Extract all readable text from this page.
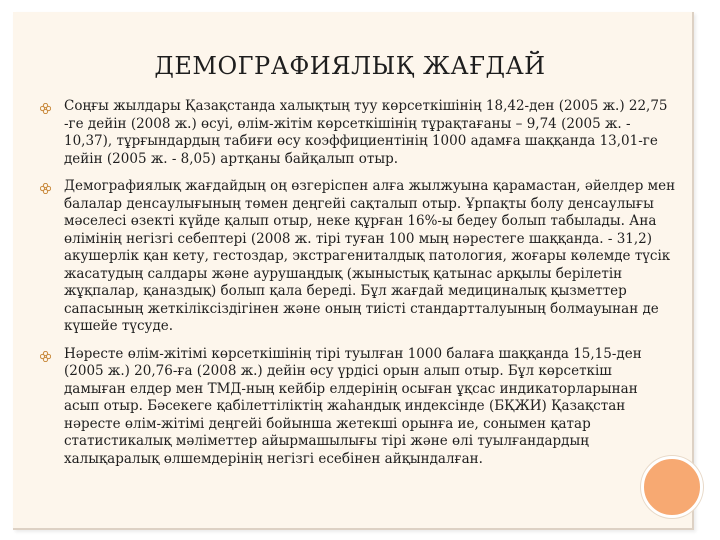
ДЕМОГРАФИЯЛЫҚ ЖАҒДАЙ

Соңғы жылдары Қазақстанда халықтың туу көрсеткішінің 18,42-ден (2005 ж.) 22,75 -ге дейін (2008 ж.) өсуі, өлім-жітім көрсеткішінің тұрақтағаны – 9,74 (2005 ж. - 10,37), тұрғындардың табиғи өсу коэффициентінің 1000 адамға шаққанда 13,01-ге дейін (2005 ж. - 8,05) артқаны байқалып отыр.

Демографиялық жағдайдың оң өзгеріспен алға жылжуына қарамастан, әйелдер мен балалар денсаулығының төмен деңгейі сақталып отыр. Ұрпақты болу денсаулығы мәселесі өзекті күйде қалып отыр, неке құрған 16%-ы бедеу болып табылады. Ана өлімінің негізгі себептері (2008 ж. тірі туған 100 мың нәрестеге шаққанда. - 31,2) акушерлік қан кету, гестоздар, экстрагениталдық патология, жоғары көлемде түсік жасатудың салдары және аурушаңдық (жыныстық қатынас арқылы берілетін жұқпалар, қаназдық) болып қала береді. Бұл жағдай медициналық қызметтер сапасының жеткіліксіздігінен және оның тиісті стандартталуының болмауынан де күшейе түсуде.

Нәресте өлім-жітімі көрсеткішінің тірі туылған 1000 балаға шаққанда 15,15-ден (2005 ж.) 20,76-ға (2008 ж.) дейін өсу үрдісі орын алып отыр. Бұл көрсеткіш дамыған елдер мен ТМД-ның кейбір елдерінің осыған ұқсас индикаторларынан асып отыр. Бәсекеге қабілеттіліктің жаһандық индексінде (БҚЖИ) Қазақстан нәресте өлім-жітімі деңгейі бойынша жетекші орынға ие, сонымен қатар статистикалық мәліметтер айырмашылығы тірі және өлі туылғандардың халықаралық өлшемдерінің негізгі есебінен айқындалған.
